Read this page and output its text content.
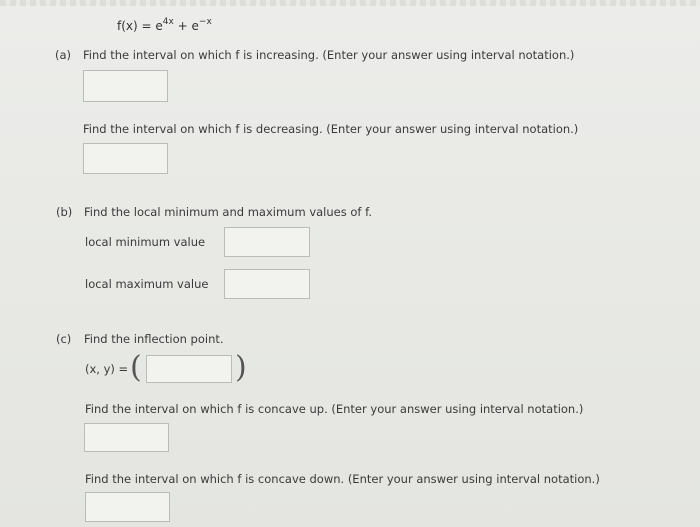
$f(x) = e^{4x} + e^{-x}$
(a) Find the interval on which f is increasing. (Enter your answer using interval notation.)
Find the interval on which f is decreasing. (Enter your answer using interval notation.)
(b) Find the local minimum and maximum values of f.
local minimum value
local maximum value
(c) Find the inflection point.
(x, y) = (	)
Find the interval on which f is concave up. (Enter your answer using interval notation.)
Find the interval on which f is concave down. (Enter your answer using interval notation.)
